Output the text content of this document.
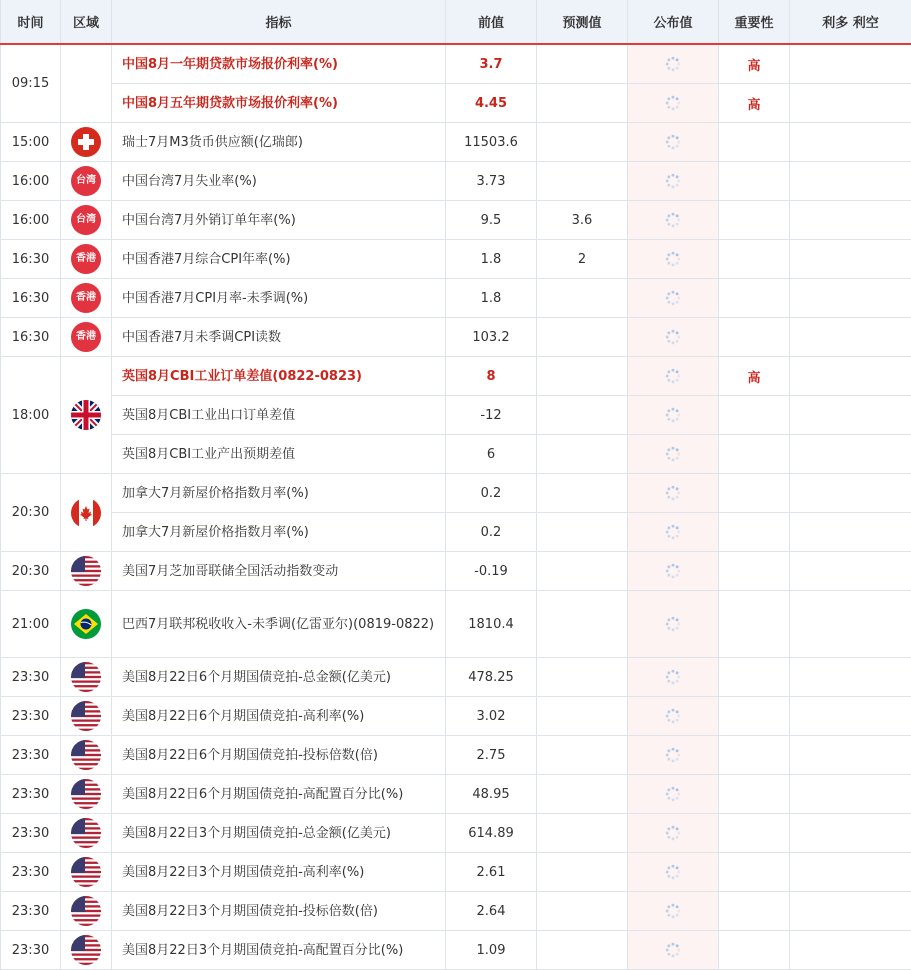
时间	区域	指标	前值	预测值	公布值	重要性	利多 利空
09:15		中国8月一年期贷款市场报价利率(%)	3.7			高	
		中国8月五年期贷款市场报价利率(%)	4.45			高	
15:00		瑞士7月M3货币供应额(亿瑞郎)	11503.6		

16:00	台湾	中国台湾7月失业率(%)	3.73		

16:00	台湾	中国台湾7月外销订单年率(%)	9.5	3.6	

16:30	香港	中国香港7月综合CPI年率(%)	1.8	2	

16:30	香港	中国香港7月CPI月率-未季调(%)	1.8		

16:30	香港	中国香港7月未季调CPI读数	103.2		

18:00		英国8月CBI工业订单差值(0822-0823)	8			高	
		英国8月CBI工业出口订单差值	-12		

		英国8月CBI工业产出预期差值	6		

20:30		加拿大7月新屋价格指数月率(%)	0.2		

		加拿大7月新屋价格指数月率(%)	0.2		

20:30		美国7月芝加哥联储全国活动指数变动	-0.19		

21:00		巴西7月联邦税收收入-未季调(亿雷亚尔)(0819-0822)	1810.4		

23:30		美国8月22日6个月期国债竞拍-总金额(亿美元)	478.25		

23:30		美国8月22日6个月期国债竞拍-高利率(%)	3.02		

23:30		美国8月22日6个月期国债竞拍-投标倍数(倍)	2.75		

23:30		美国8月22日6个月期国债竞拍-高配置百分比(%)	48.95		

23:30		美国8月22日3个月期国债竞拍-总金额(亿美元)	614.89		

23:30		美国8月22日3个月期国债竞拍-高利率(%)	2.61		

23:30		美国8月22日3个月期国债竞拍-投标倍数(倍)	2.64		

23:30		美国8月22日3个月期国债竞拍-高配置百分比(%)	1.09		
